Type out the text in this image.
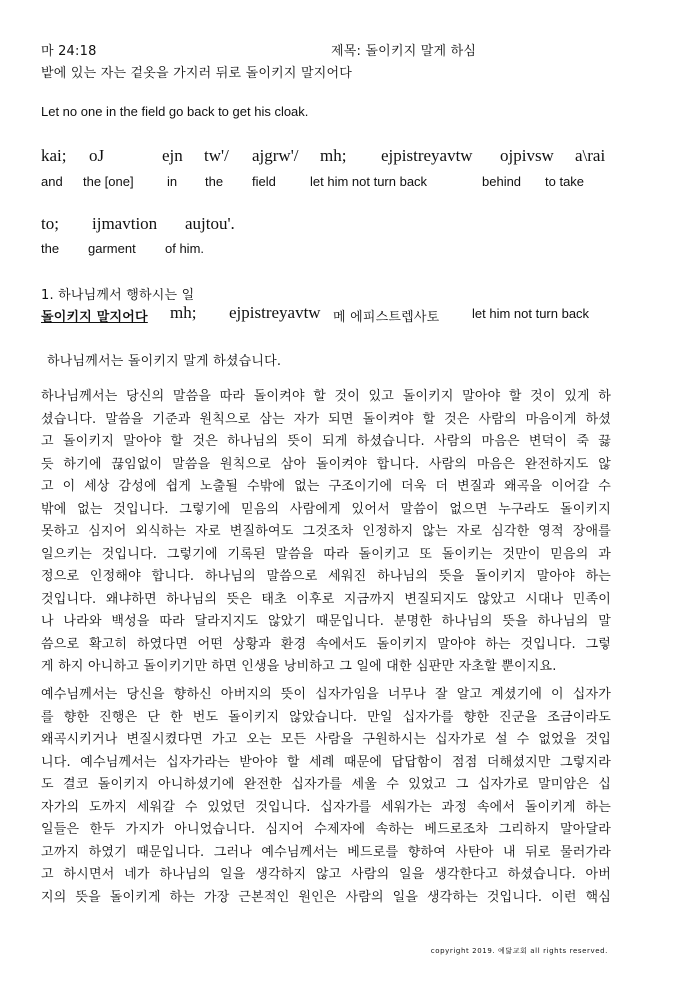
마 24:18	제목: 돌이키지 말게 하심
밭에 있는 자는 겉옷을 가지러 뒤로 돌이키지 말지어다
Let no one in the field go back to get his cloak.
kai; oJ	ejn tw'/ ajgrw'/ mh; ejpistreyavtw ojpivsw a\rai
and the [one]	in the field	let him not turn back	behind to take
to; ijmavtion aujtou'.
the garment of him.
1. 하나님께서 행하시는 일
돌이키지 말지어다 mh; ejpistreyavtw 메 에피스트렙사토	let him not turn back
하나님께서는 돌이키지 말게 하셨습니다.
하나님께서는 당신의 말씀을 따라 돌이켜야 할 것이 있고 돌이키지 말아야 할 것이 있게 하
셨습니다. 말씀을 기준과 원칙으로 삼는 자가 되면 돌이켜야 할 것은 사람의 마음이게 하셨
고 돌이키지 말아야 할 것은 하나님의 뜻이 되게 하셨습니다. 사람의 마음은 변덕이 죽 끓
듯 하기에 끊임없이 말씀을 원칙으로 삼아 돌이켜야 합니다. 사람의 마음은 완전하지도 않
고 이 세상 감성에 쉽게 노출될 수밖에 없는 구조이기에 더욱 더 변질과 왜곡을 이어갈 수
밖에 없는 것입니다. 그렇기에 믿음의 사람에게 있어서 말씀이 없으면 누구라도 돌이키지
못하고 심지어 외식하는 자로 변질하여도 그것조차 인정하지 않는 자로 심각한 영적 장애를
일으키는 것입니다. 그렇기에 기록된 말씀을 따라 돌이키고 또 돌이키는 것만이 믿음의 과
정으로 인정해야 합니다. 하나님의 말씀으로 세워진 하나님의 뜻을 돌이키지 말아야 하는
것입니다. 왜냐하면 하나님의 뜻은 태초 이후로 지금까지 변질되지도 않았고 시대나 민족이
나 나라와 백성을 따라 달라지지도 않았기 때문입니다. 분명한 하나님의 뜻을 하나님의 말
씀으로 확고히 하였다면 어떤 상황과 환경 속에서도 돌이키지 말아야 하는 것입니다. 그렇
게 하지 아니하고 돌이키기만 하면 인생을 낭비하고 그 일에 대한 심판만 자초할 뿐이지요.
예수님께서는 당신을 향하신 아버지의 뜻이 십자가임을 너무나 잘 알고 계셨기에 이 십자가
를 향한 진행은 단 한 번도 돌이키지 않았습니다. 만일 십자가를 향한 진군을 조금이라도
왜곡시키거나 변질시켰다면 가고 오는 모든 사람을 구원하시는 십자가로 설 수 없었을 것입
니다. 예수님께서는 십자가라는 받아야 할 세례 때문에 답답함이 점점 더해셨지만 그렇지라
도 결코 돌이키지 아니하셨기에 완전한 십자가를 세울 수 있었고 그 십자가로 말미암은 십
자가의 도까지 세워갈 수 있었던 것입니다. 십자가를 세워가는 과정 속에서 돌이키게 하는
일들은 한두 가지가 아니었습니다. 심지어 수제자에 속하는 베드로조차 그리하지 말아달라
고까지 하였기 때문입니다. 그러나 예수님께서는 베드로를 향하여 사탄아 내 뒤로 물러가라
고 하시면서 네가 하나님의 일을 생각하지 않고 사람의 일을 생각한다고 하셨습니다. 아버
지의 뜻을 돌이키게 하는 가장 근본적인 원인은 사람의 일을 생각하는 것입니다. 이런 핵심
copyright 2019. 예닮교회 all rights reserved.
